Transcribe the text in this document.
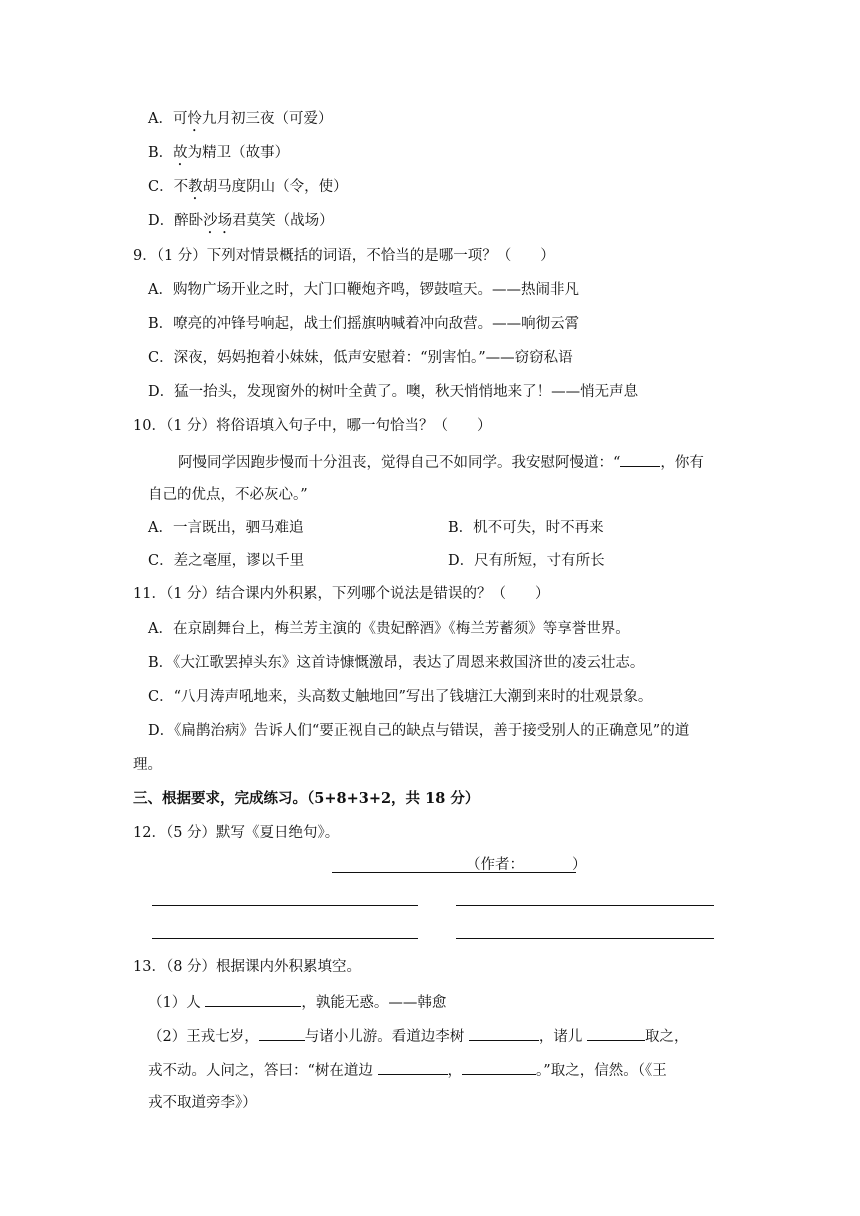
A．可怜九月初三夜（可爱）
B．故为精卫（故事）
C．不教胡马度阴山（令，使）
D．醉卧沙场君莫笑（战场）
9．（1 分）下列对情景概括的词语，不恰当的是哪一项？（　　）
A．购物广场开业之时，大门口鞭炮齐鸣，锣鼓喧天。——热闹非凡
B．嘹亮的冲锋号响起，战士们摇旗呐喊着冲向敌营。——响彻云霄
C．深夜，妈妈抱着小妹妹，低声安慰着：“别害怕。”——窃窃私语
D．猛一抬头，发现窗外的树叶全黄了。噢，秋天悄悄地来了！——悄无声息
10．（1 分）将俗语填入句子中，哪一句恰当？（　　）
阿慢同学因跑步慢而十分沮丧，觉得自己不如同学。我安慰阿慢道：“	，你有
自己的优点，不必灰心。”
A．一言既出，驷马难追	B．机不可失，时不再来
C．差之毫厘，谬以千里	D．尺有所短，寸有所长
11．（1 分）结合课内外积累，下列哪个说法是错误的？（　　）
A．在京剧舞台上，梅兰芳主演的《贵妃醉酒》《梅兰芳蓄须》等享誉世界。
B．《大江歌罢掉头东》这首诗慷慨激昂，表达了周恩来救国济世的凌云壮志。
C．“八月涛声吼地来，头高数丈触地回”写出了钱塘江大潮到来时的壮观景象。
D．《扁鹊治病》告诉人们“要正视自己的缺点与错误，善于接受别人的正确意见”的道
理。
三、根据要求，完成练习。（5+8+3+2，共 18 分）
12．（5 分）默写《夏日绝句》。
（作者：	）
13．（8 分）根据课内外积累填空。
（1）人	，孰能无惑。——韩愈
（2）王戎七岁，	与诸小儿游。看道边李树	，诸儿	取之，
戎不动。人问之，答曰：“树在道边	，	。”取之，信然。（《王
戎不取道旁李》）
